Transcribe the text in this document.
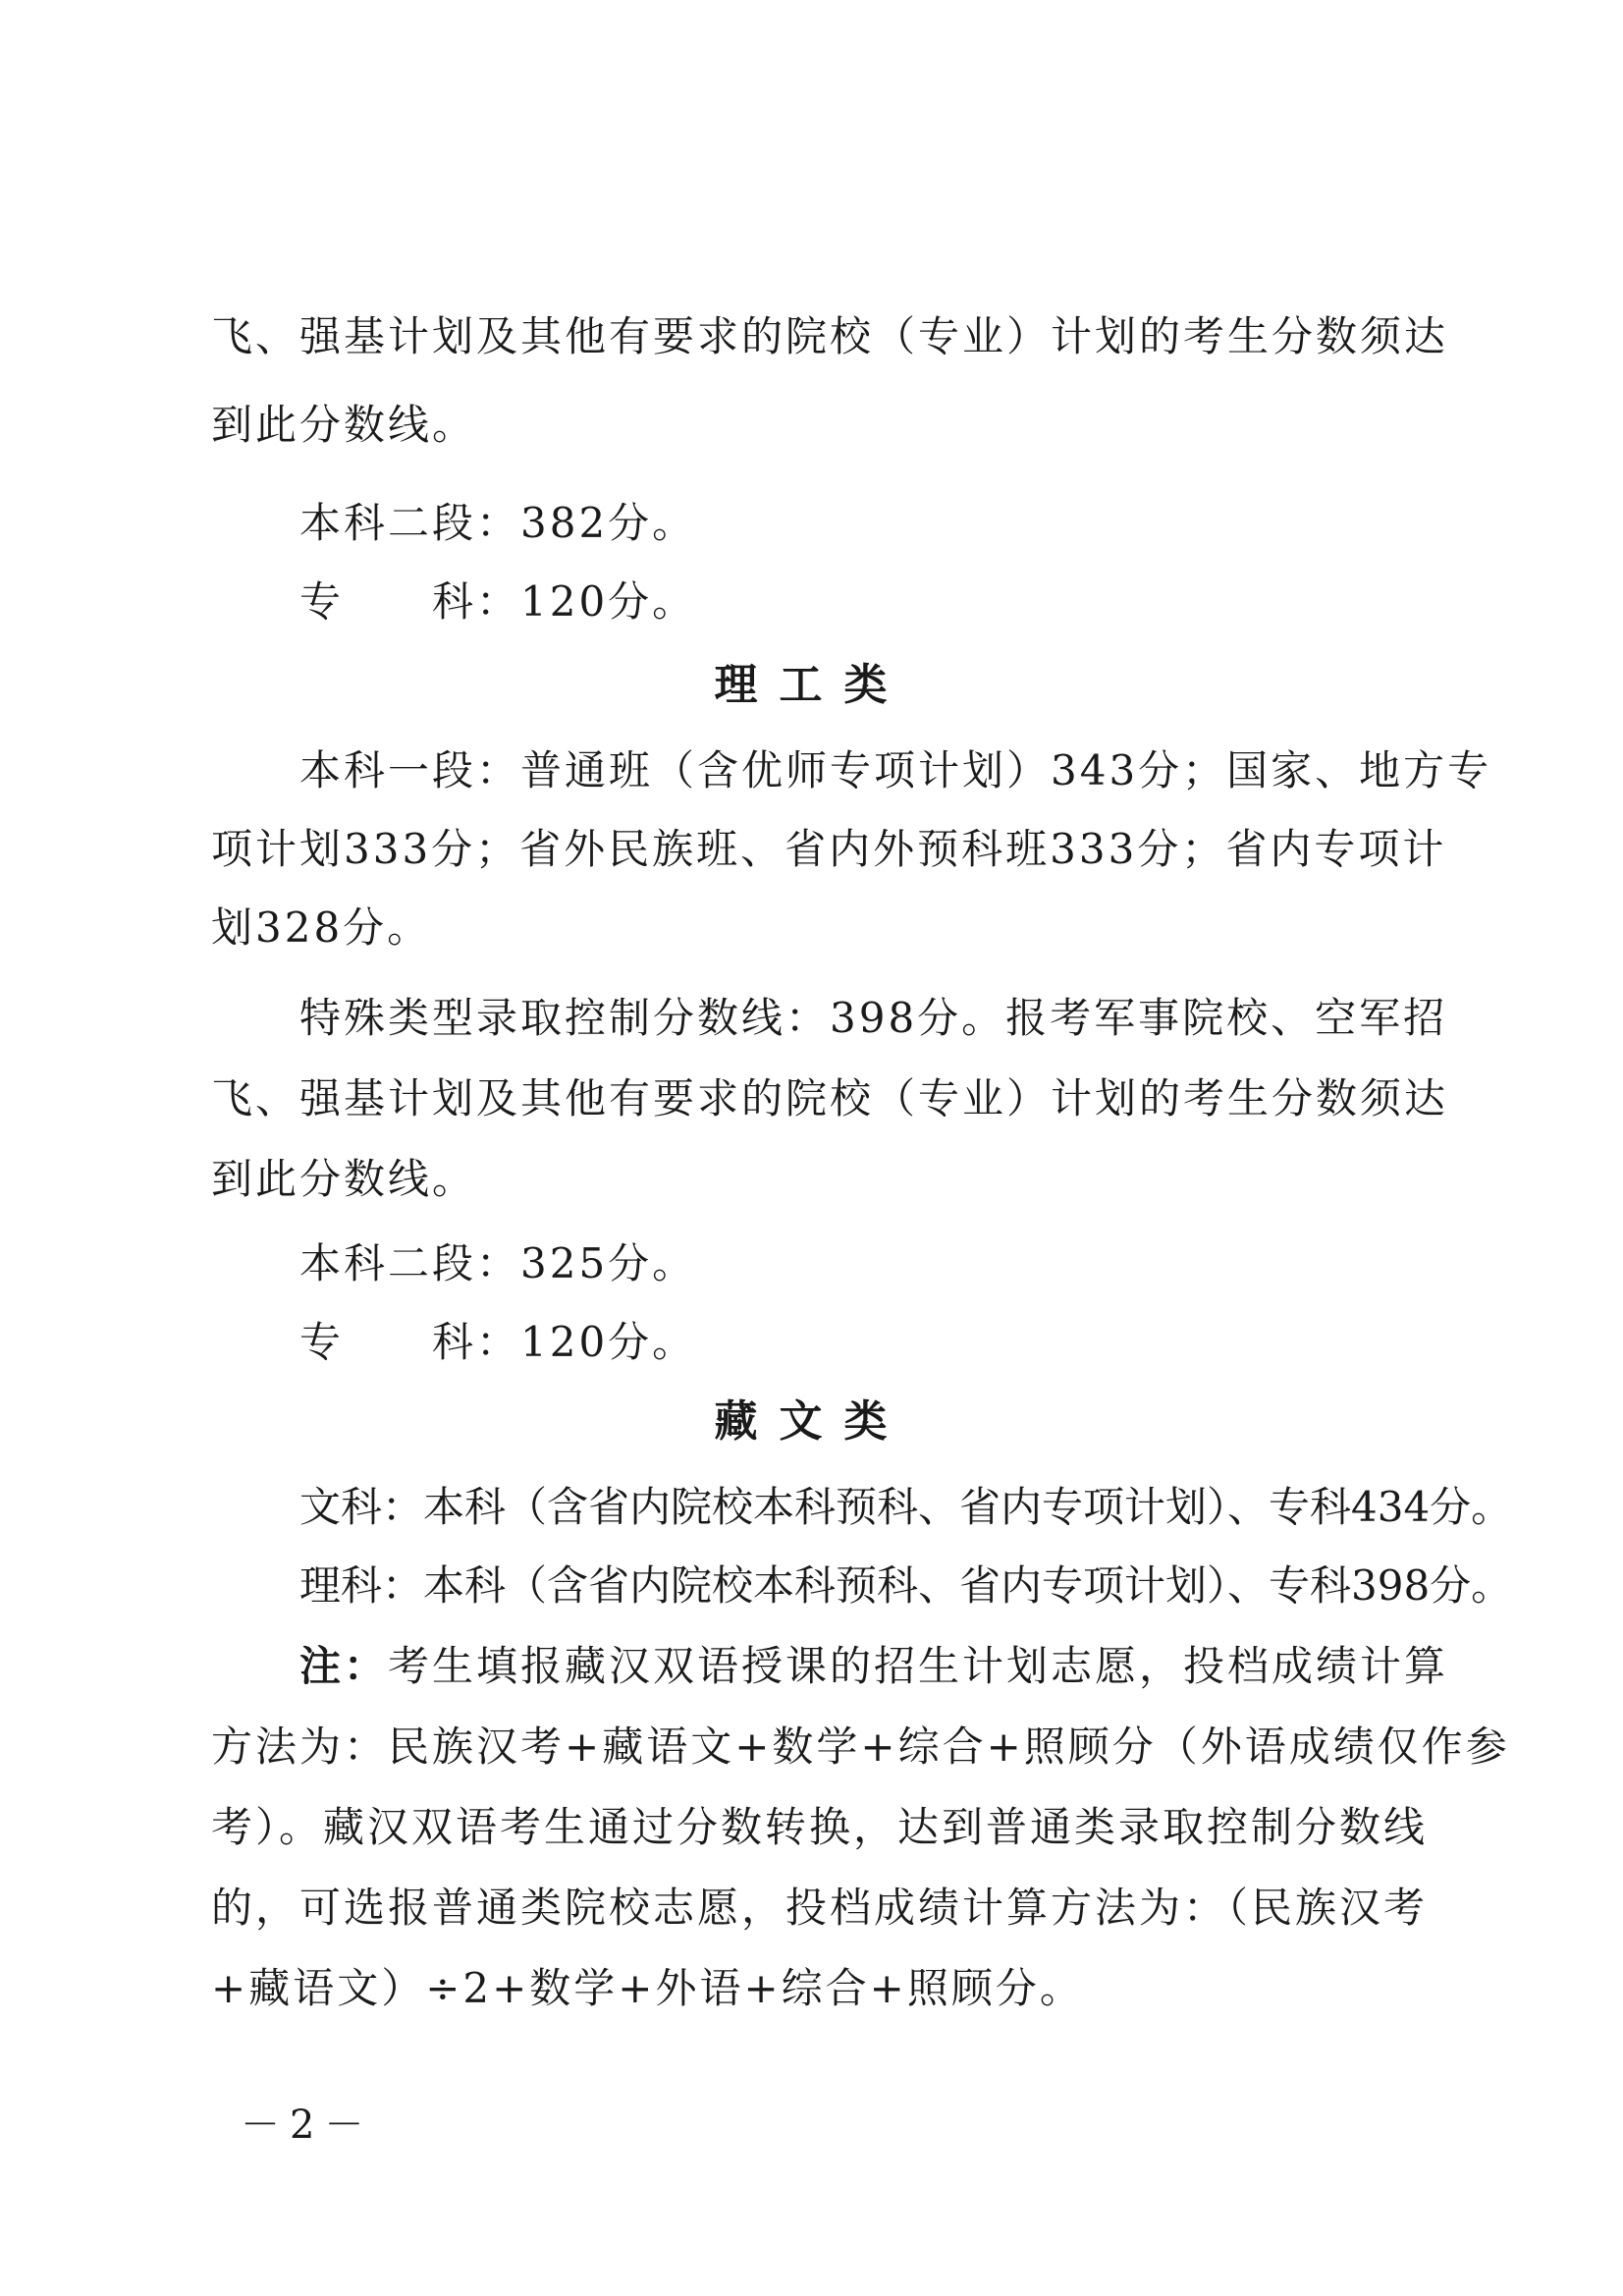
飞、强基计划及其他有要求的院校（专业）计划的考生分数须达
到此分数线。
本科二段：382分。
专　　科：120分。
理工类
本科一段：普通班（含优师专项计划）343分；国家、地方专
项计划333分；省外民族班、省内外预科班333分；省内专项计
划328分。
特殊类型录取控制分数线：398分。报考军事院校、空军招
飞、强基计划及其他有要求的院校（专业）计划的考生分数须达
到此分数线。
本科二段：325分。
专　　科：120分。
藏文类
文科：本科（含省内院校本科预科、省内专项计划）、专科434分。
理科：本科（含省内院校本科预科、省内专项计划）、专科398分。
注：考生填报藏汉双语授课的招生计划志愿，投档成绩计算
方法为：民族汉考+藏语文+数学+综合+照顾分（外语成绩仅作参
考）。藏汉双语考生通过分数转换，达到普通类录取控制分数线
的，可选报普通类院校志愿，投档成绩计算方法为：（民族汉考
+藏语文）÷2+数学+外语+综合+照顾分。
－2－
